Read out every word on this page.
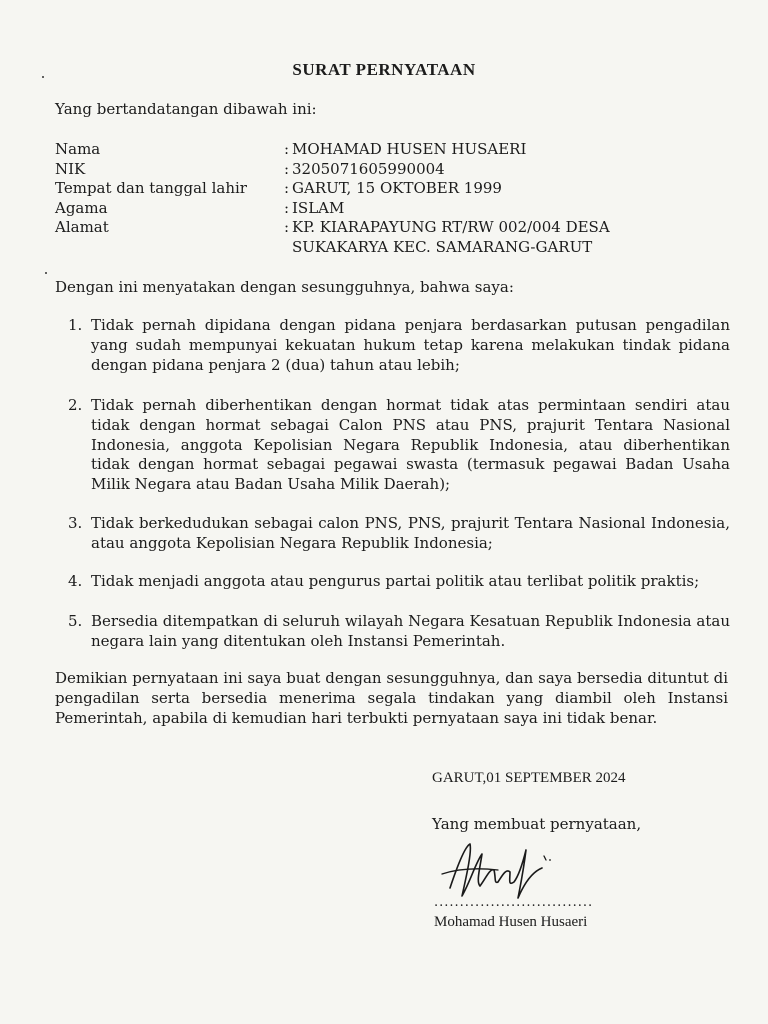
SURAT PERNYATAAN
Yang bertandatangan dibawah ini:
Nama	: MOHAMAD HUSEN HUSAERI
NIK	: 3205071605990004
Tempat dan tanggal lahir	: GARUT, 15 OKTOBER 1999
Agama	: ISLAM
Alamat	: KP. KIARAPAYUNG RT/RW 002/004 DESA SUKAKARYA KEC. SAMARANG-GARUT
Dengan ini menyatakan dengan sesungguhnya, bahwa saya:
1. Tidak pernah dipidana dengan pidana penjara berdasarkan putusan pengadilan yang sudah mempunyai kekuatan hukum tetap karena melakukan tindak pidana dengan pidana penjara 2 (dua) tahun atau lebih;
2. Tidak pernah diberhentikan dengan hormat tidak atas permintaan sendiri atau tidak dengan hormat sebagai Calon PNS atau PNS, prajurit Tentara Nasional Indonesia, anggota Kepolisian Negara Republik Indonesia, atau diberhentikan tidak dengan hormat sebagai pegawai swasta (termasuk pegawai Badan Usaha Milik Negara atau Badan Usaha Milik Daerah);
3. Tidak berkedudukan sebagai calon PNS, PNS, prajurit Tentara Nasional Indonesia, atau anggota Kepolisian Negara Republik Indonesia;
4. Tidak menjadi anggota atau pengurus partai politik atau terlibat politik praktis;
5. Bersedia ditempatkan di seluruh wilayah Negara Kesatuan Republik Indonesia atau negara lain yang ditentukan oleh Instansi Pemerintah.
Demikian pernyataan ini saya buat dengan sesungguhnya, dan saya bersedia dituntut di pengadilan serta bersedia menerima segala tindakan yang diambil oleh Instansi Pemerintah, apabila di kemudian hari terbukti pernyataan saya ini tidak benar.
GARUT,01 SEPTEMBER 2024
Yang membuat pernyataan,
...............................
Mohamad Husen Husaeri
